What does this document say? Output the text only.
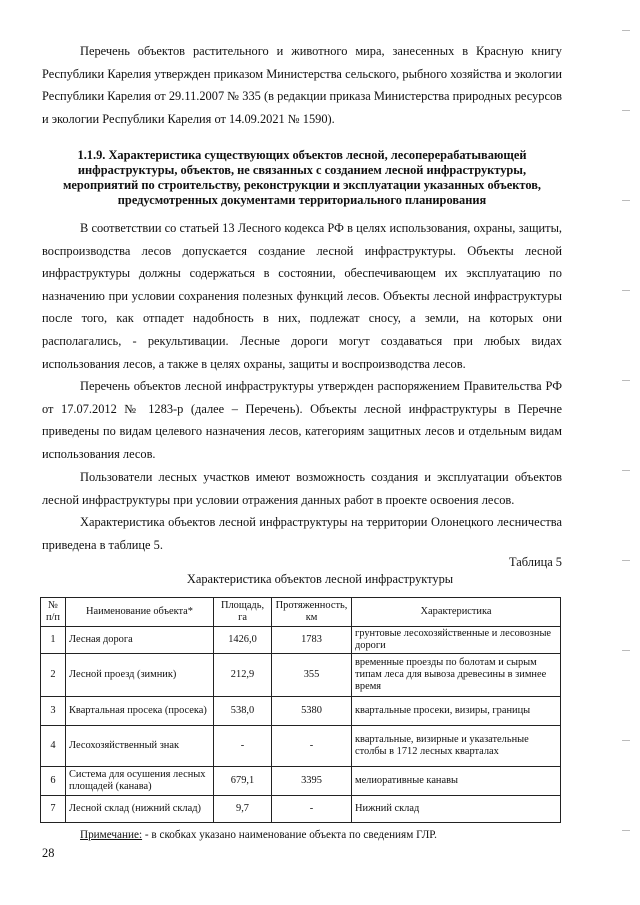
Перечень объектов растительного и животного мира, занесенных в Красную книгу Республики Карелия утвержден приказом Министерства сельского, рыбного хозяйства и экологии Республики Карелия от 29.11.2007 № 335 (в редакции приказа Министерства природных ресурсов и экологии Республики Карелия от 14.09.2021 № 1590).

1.1.9. Характеристика существующих объектов лесной, лесоперерабатывающей инфраструктуры, объектов, не связанных с созданием лесной инфраструктуры, мероприятий по строительству, реконструкции и эксплуатации указанных объектов, предусмотренных документами территориального планирования

В соответствии со статьей 13 Лесного кодекса РФ в целях использования, охраны, защиты, воспроизводства лесов допускается создание лесной инфраструктуры. Объекты лесной инфраструктуры должны содержаться в состоянии, обеспечивающем их эксплуатацию по назначению при условии сохранения полезных функций лесов. Объекты лесной инфраструктуры после того, как отпадет надобность в них, подлежат сносу, а земли, на которых они располагались, - рекультивации. Лесные дороги могут создаваться при любых видах использования лесов, а также в целях охраны, защиты и воспроизводства лесов.

Перечень объектов лесной инфраструктуры утвержден распоряжением Правительства РФ от 17.07.2012 № 1283-р (далее – Перечень). Объекты лесной инфраструктуры в Перечне приведены по видам целевого назначения лесов, категориям защитных лесов и отдельным видам использования лесов.

Пользователи лесных участков имеют возможность создания и эксплуатации объектов лесной инфраструктуры при условии отражения данных работ в проекте освоения лесов.

Характеристика объектов лесной инфраструктуры на территории Олонецкого лесничества приведена в таблице 5.

Таблица 5
Характеристика объектов лесной инфраструктуры
№ п/п	Наименование объекта*	Площадь, га	Протяженность, км	Характеристика
1	Лесная дорога	1426,0	1783	грунтовые лесохозяйственные и лесовозные дороги
2	Лесной проезд (зимник)	212,9	355	временные проезды по болотам и сырым типам леса для вывоза древесины в зимнее время
3	Квартальная просека (просека)	538,0	5380	квартальные просеки, визиры, границы
4	Лесохозяйственный знак	-	-	квартальные, визирные и указательные столбы в 1712 лесных кварталах
6	Система для осушения лесных площадей (канава)	679,1	3395	мелиоративные канавы
7	Лесной склад (нижний склад)	9,7	-	Нижний склад
Примечание: - в скобках указано наименование объекта по сведениям ГЛР.
28
